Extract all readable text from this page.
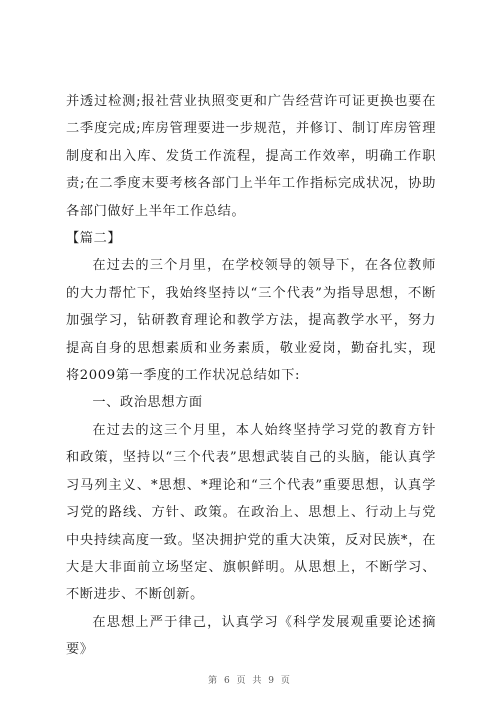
并透过检测;报社营业执照变更和广告经营许可证更换也要在二季度完成;库房管理要进一步规范，并修订、制订库房管理制度和出入库、发货工作流程，提高工作效率，明确工作职责;在二季度末要考核各部门上半年工作指标完成状况，协助各部门做好上半年工作总结。

【篇二】

在过去的三个月里，在学校领导的领导下，在各位教师的大力帮忙下，我始终坚持以“三个代表”为指导思想，不断加强学习，钻研教育理论和教学方法，提高教学水平，努力提高自身的思想素质和业务素质，敬业爱岗，勤奋扎实，现将2009第一季度的工作状况总结如下:

一、政治思想方面

在过去的这三个月里，本人始终坚持学习党的教育方针和政策，坚持以“三个代表”思想武装自己的头脑，能认真学习马列主义、*思想、*理论和“三个代表”重要思想，认真学习党的路线、方针、政策。在政治上、思想上、行动上与党中央持续高度一致。坚决拥护党的重大决策，反对民族*，在大是大非面前立场坚定、旗帜鲜明。从思想上，不断学习、不断进步、不断创新。

在思想上严于律己，认真学习《科学发展观重要论述摘要》

第 6 页 共 9 页
